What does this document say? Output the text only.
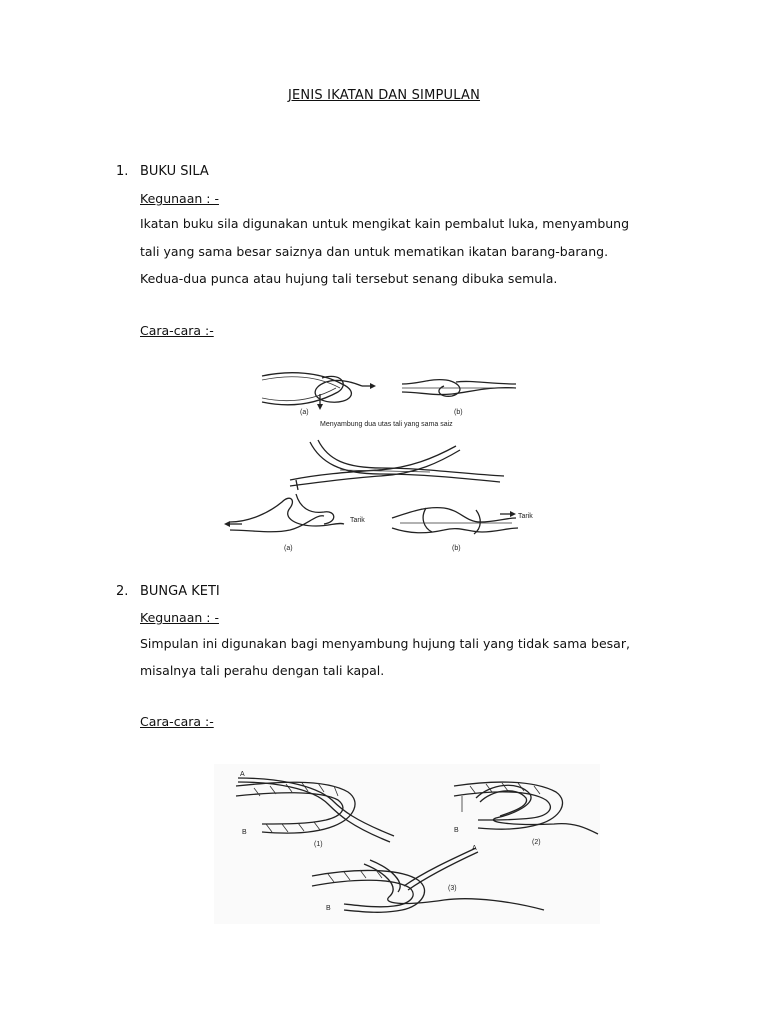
JENIS IKATAN DAN SIMPULAN
1. BUKU SILA
Kegunaan : -
Ikatan buku sila digunakan untuk mengikat kain pembalut luka, menyambung
tali yang sama besar saiznya dan untuk mematikan ikatan barang-barang.
Kedua-dua punca atau hujung tali tersebut senang dibuka semula.
Cara-cara :-
(a)	(b)
Menyambung dua utas tali yang sama saiz
Tarik
(a)
Tarik
(b)
2. BUNGA KETI
Kegunaan : -
Simpulan ini digunakan bagi menyambung hujung tali yang tidak sama besar,
misalnya tali perahu dengan tali kapal.
Cara-cara :-
A
B
(1)
B
(2)
A
B
(3)
